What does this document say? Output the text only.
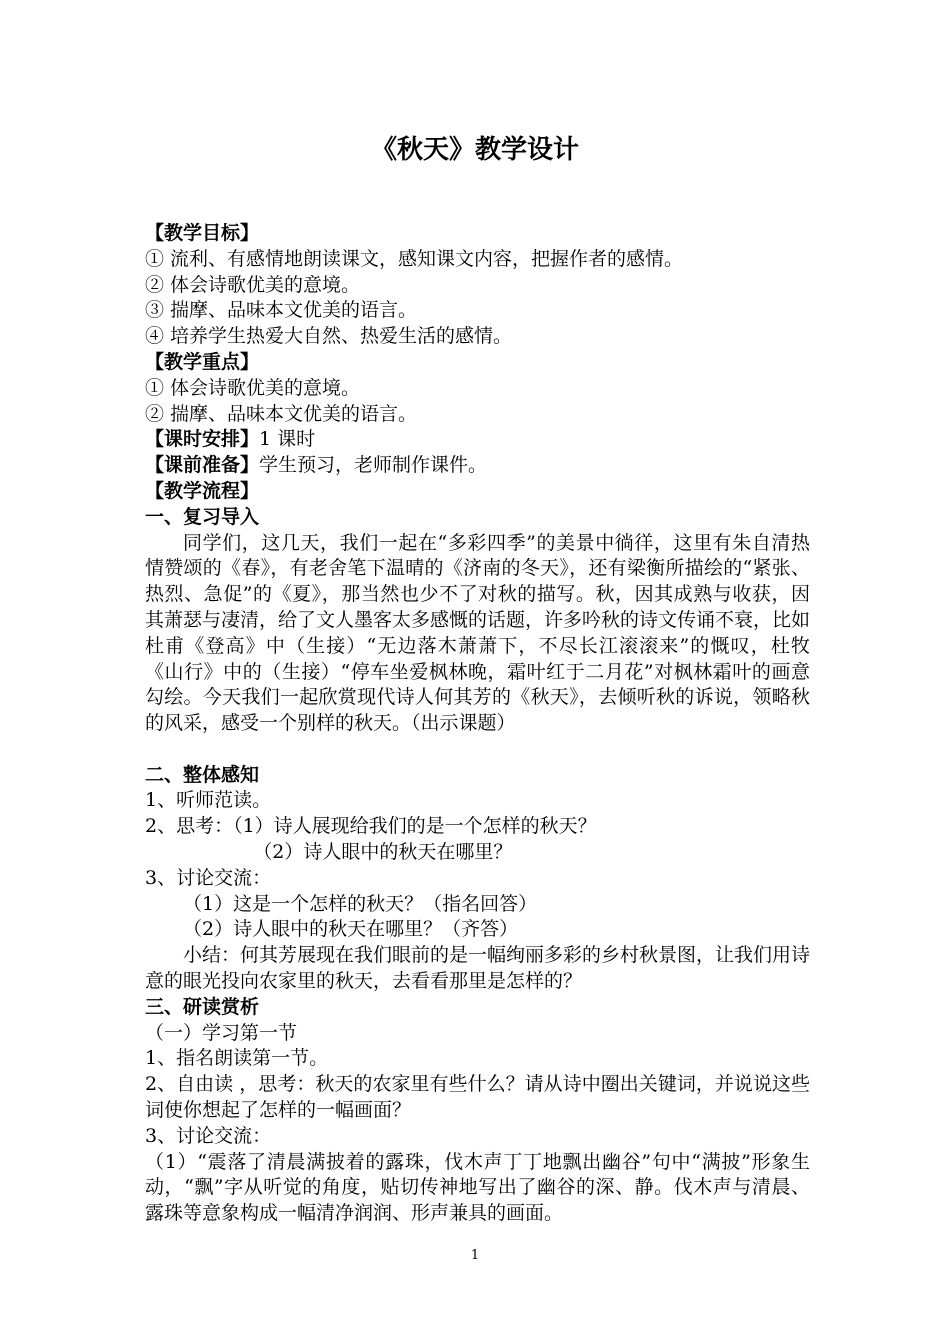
《秋天》教学设计
【教学目标】
① 流利、有感情地朗读课文，感知课文内容，把握作者的感情。
② 体会诗歌优美的意境。
③ 揣摩、品味本文优美的语言。
④ 培养学生热爱大自然、热爱生活的感情。
【教学重点】
① 体会诗歌优美的意境。
② 揣摩、品味本文优美的语言。
【课时安排】1 课时
【课前准备】学生预习，老师制作课件。
【教学流程】
一、复习导入
同学们，这几天，我们一起在“多彩四季”的美景中徜徉，这里有朱自清热情赞颂的《春》，有老舍笔下温晴的《济南的冬天》，还有梁衡所描绘的“紧张、热烈、急促”的《夏》，那当然也少不了对秋的描写。秋，因其成熟与收获，因其萧瑟与凄清，给了文人墨客太多感慨的话题，许多吟秋的诗文传诵不衰，比如杜甫《登高》中（生接）“无边落木萧萧下，不尽长江滚滚来”的慨叹，杜牧《山行》中的（生接）“停车坐爱枫林晚，霜叶红于二月花”对枫林霜叶的画意勾绘。今天我们一起欣赏现代诗人何其芳的《秋天》，去倾听秋的诉说，领略秋的风采，感受一个别样的秋天。（出示课题）
二、整体感知
1、听师范读。
2、思考：（1）诗人展现给我们的是一个怎样的秋天？
（2）诗人眼中的秋天在哪里？
3、讨论交流：
（1）这是一个怎样的秋天？（指名回答）
（2）诗人眼中的秋天在哪里？（齐答）
小结：何其芳展现在我们眼前的是一幅绚丽多彩的乡村秋景图，让我们用诗意的眼光投向农家里的秋天，去看看那里是怎样的？
三、研读赏析
（一）学习第一节
1、指名朗读第一节。
2、自由读 ，思考：秋天的农家里有些什么？请从诗中圈出关键词，并说说这些词使你想起了怎样的一幅画面？
3、讨论交流：
（1）“震落了清晨满披着的露珠，伐木声丁丁地飘出幽谷”句中“满披”形象生动，“飘”字从听觉的角度，贴切传神地写出了幽谷的深、静。伐木声与清晨、露珠等意象构成一幅清净润润、形声兼具的画面。
1
